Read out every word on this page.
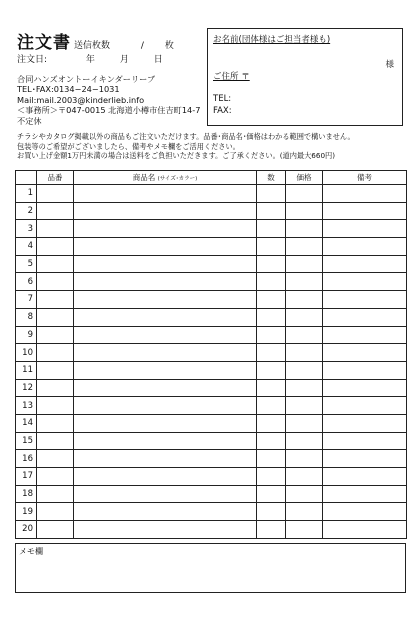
注文書 送信枚数	/ 枚
注文日:	年	月	日
合同ハンズオントーイキンダーリーブ
TEL･FAX:0134−24−1031
Mail:mail.2003@kinderlieb.info
＜事務所＞〒047-0015 北海道小樽市住吉町14-7
不定休
お名前(団体様はご担当者様も)
様
ご住所 〒
TEL:
FAX:
チラシやカタログ掲載以外の商品もご注文いただけます。品番･商品名･価格はわかる範囲で構いません。
包装等のご希望がございましたら、備考やメモ欄をご活用ください。
お買い上げ金額1万円未満の場合は送料をご負担いただきます。ご了承ください。(道内最大660円)
	品番	商品名 (サイズ･カラー)	数	価格	備考
1					
2					
3					
4					
5					
6					
7					
8					
9					
10					
11					
12					
13					
14					
15					
16					
17					
18					
19					
20					
メモ欄
